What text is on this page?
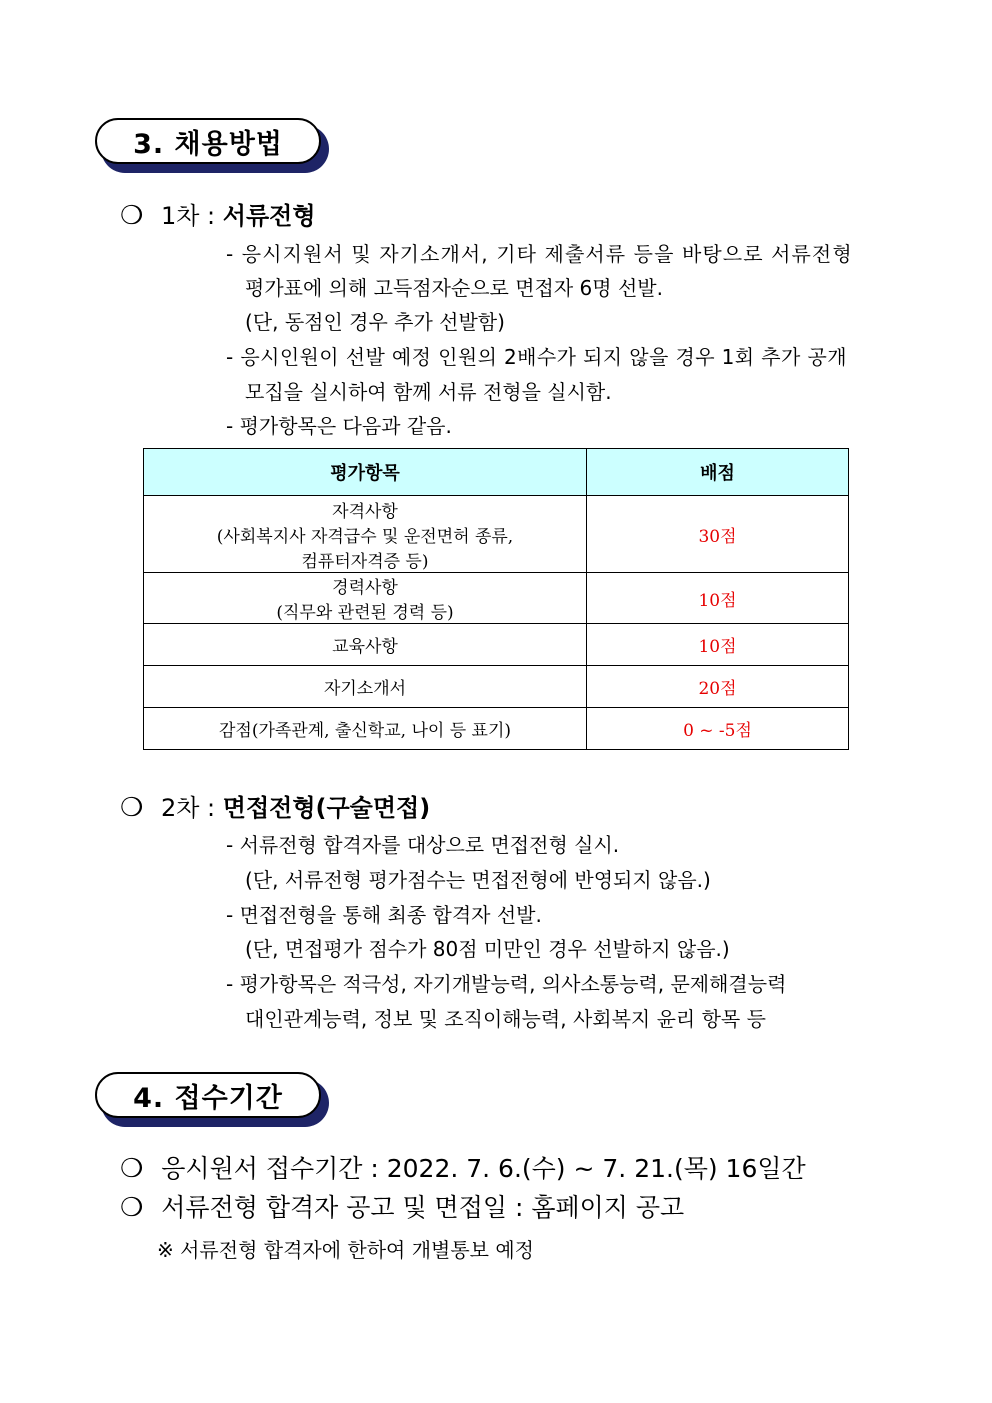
3. 채용방법
❍ 1차 : 서류전형
- 응시지원서 및 자기소개서, 기타 제출서류 등을 바탕으로 서류전형
평가표에 의해 고득점자순으로 면접자 6명 선발.
(단, 동점인 경우 추가 선발함)
- 응시인원이 선발 예정 인원의 2배수가 되지 않을 경우 1회 추가 공개
모집을 실시하여 함께 서류 전형을 실시함.
- 평가항목은 다음과 같음.
평가항목	배점

자격사항
(사회복지사 자격급수 및 운전면허 종류,
컴퓨터자격증 등)	30점

경력사항
(직무와 관련된 경력 등)	10점
교육사항	10점
자기소개서	20점
감점(가족관계, 출신학교, 나이 등 표기)	0 ~ -5점
❍ 2차 : 면접전형(구술면접)
- 서류전형 합격자를 대상으로 면접전형 실시.
(단, 서류전형 평가점수는 면접전형에 반영되지 않음.)
- 면접전형을 통해 최종 합격자 선발.
(단, 면접평가 점수가 80점 미만인 경우 선발하지 않음.)
- 평가항목은 적극성, 자기개발능력, 의사소통능력, 문제해결능력
대인관계능력, 정보 및 조직이해능력, 사회복지 윤리 항목 등
4. 접수기간
❍ 응시원서 접수기간 : 2022. 7. 6.(수) ~ 7. 21.(목) 16일간
❍ 서류전형 합격자 공고 및 면접일 : 홈페이지 공고
※ 서류전형 합격자에 한하여 개별통보 예정
